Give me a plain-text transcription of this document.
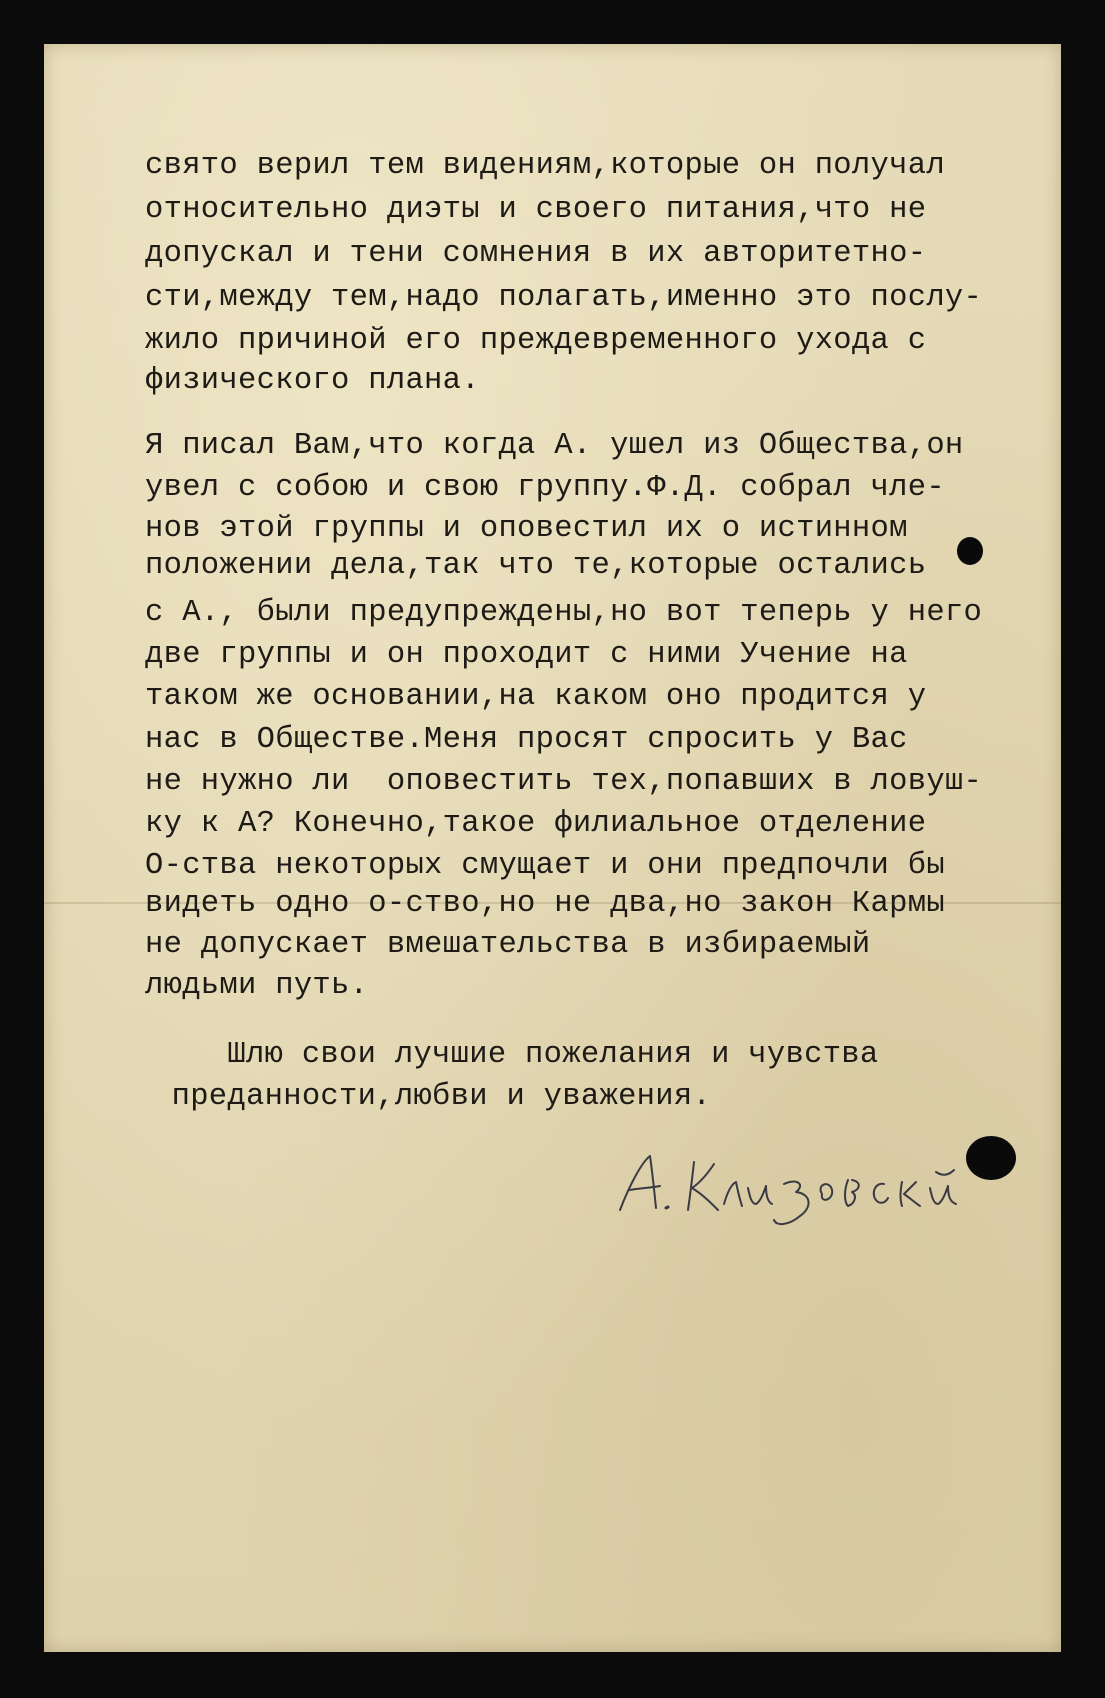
свято верил тем видениям,которые он получал

относительно диэты и своего питания,что не

допускал и тени сомнения в их авторитетно-

сти,между тем,надо полагать,именно это послу-

жило причиной его преждевременного ухода с

физического плана.

Я писал Вам,что когда А. ушел из Общества,он

увел с собою и свою группу.Ф.Д. собрал чле-

нов этой группы и оповестил их о истинном

положении дела,так что те,которые остались

с А., были предупреждены,но вот теперь у него

две группы и он проходит с ними Учение на

таком же основании,на каком оно продится у

нас в Обществе.Меня просят спросить у Вас

не нужно ли  оповестить тех,попавших в ловуш-

ку к А? Конечно,такое филиальное отделение

О-ства некоторых смущает и они предпочли бы

видеть одно о-ство,но не два,но закон Кармы

не допускает вмешательства в избираемый

людьми путь.

Шлю свои лучшие пожелания и чувства

преданности,любви и уважения.
